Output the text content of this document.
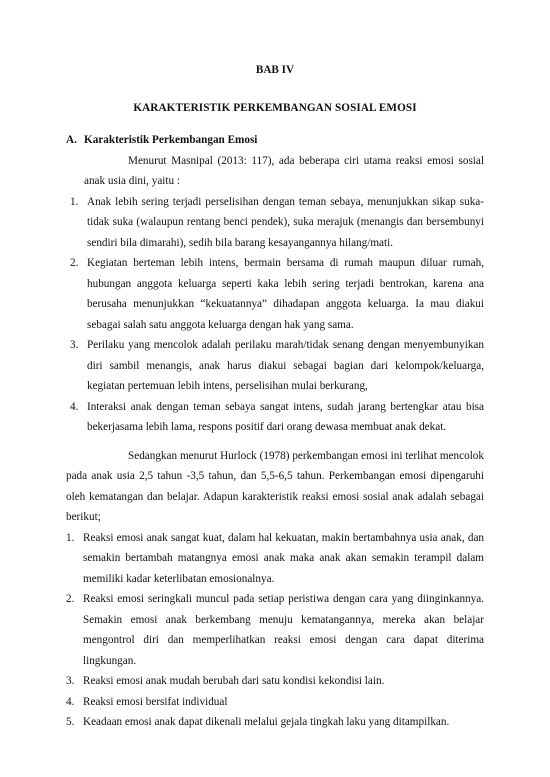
BAB IV

KARAKTERISTIK PERKEMBANGAN SOSIAL EMOSI

A. Karakteristik Perkembangan Emosi

Menurut Masnipal (2013: 117), ada beberapa ciri utama reaksi emosi sosial anak usia dini, yaitu :

1. Anak lebih sering terjadi perselisihan dengan teman sebaya, menunjukkan sikap suka-tidak suka (walaupun rentang benci pendek), suka merajuk (menangis dan bersembunyi sendiri bila dimarahi), sedih bila barang kesayangannya hilang/mati.
2. Kegiatan berteman lebih intens, bermain bersama di rumah maupun diluar rumah, hubungan anggota keluarga seperti kaka lebih sering terjadi bentrokan, karena ana berusaha menunjukkan “kekuatannya” dihadapan anggota keluarga. Ia mau diakui sebagai salah satu anggota keluarga dengan hak yang sama.
3. Perilaku yang mencolok adalah perilaku marah/tidak senang dengan menyembunyikan diri sambil menangis, anak harus diakui sebagai bagian dari kelompok/keluarga, kegiatan pertemuan lebih intens, perselisihan mulai berkurang,
4. Interaksi anak dengan teman sebaya sangat intens, sudah jarang bertengkar atau bisa bekerjasama lebih lama, respons positif dari orang dewasa membuat anak dekat.

Sedangkan menurut Hurlock (1978) perkembangan emosi ini terlihat mencolok pada anak usia 2,5 tahun -3,5 tahun, dan 5,5-6,5 tahun. Perkembangan emosi dipengaruhi oleh kematangan dan belajar. Adapun karakteristik reaksi emosi sosial anak adalah sebagai berikut;

1. Reaksi emosi anak sangat kuat, dalam hal kekuatan, makin bertambahnya usia anak, dan semakin bertambah matangnya emosi anak maka anak akan semakin terampil dalam memiliki kadar keterlibatan emosionalnya.
2. Reaksi emosi seringkali muncul pada setiap peristiwa dengan cara yang diinginkannya. Semakin emosi anak berkembang menuju kematangannya, mereka akan belajar mengontrol diri dan memperlihatkan reaksi emosi dengan cara dapat diterima lingkungan.
3. Reaksi emosi anak mudah berubah dari satu kondisi kekondisi lain.
4. Reaksi emosi bersifat individual
5. Keadaan emosi anak dapat dikenali melalui gejala tingkah laku yang ditampilkan.
